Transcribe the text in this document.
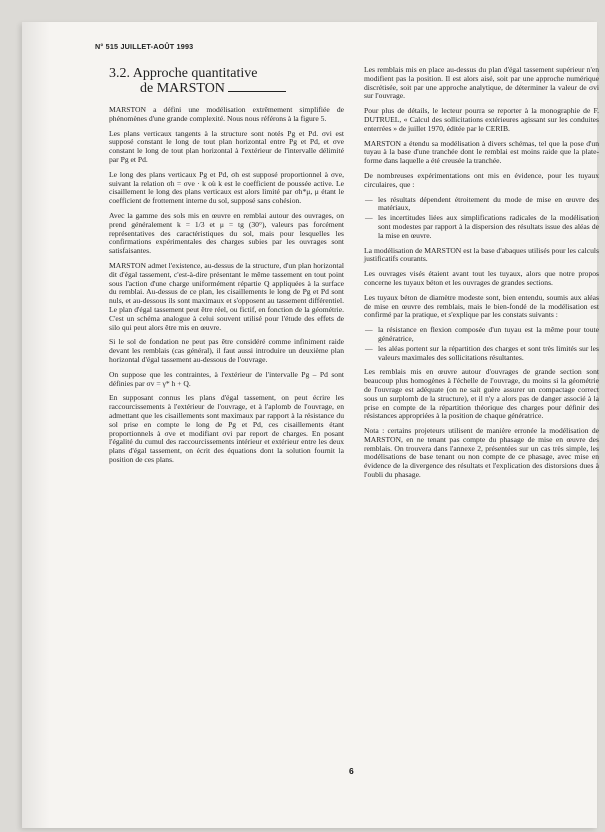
N° 515 JUILLET-AOÛT 1993
3.2. Approche quantitative
de MARSTON

MARSTON a défini une modélisation extrêmement simplifiée de phénomènes d'une grande complexité. Nous nous référons à la figure 5.

Les plans verticaux tangents à la structure sont notés Pg et Pd. σvi est supposé constant le long de tout plan horizontal entre Pg et Pd, et σve constant le long de tout plan horizontal à l'extérieur de l'intervalle délimité par Pg et Pd.

Le long des plans verticaux Pg et Pd, σh est supposé proportionnel à σve, suivant la relation σh = σve · k où k est le coefficient de poussée active. Le cisaillement le long des plans verticaux est alors limité par σh*μ, μ étant le coefficient de frottement interne du sol, supposé sans cohésion.

Avec la gamme des sols mis en œuvre en remblai autour des ouvrages, on prend généralement k = 1/3 et μ = tg (30°), valeurs pas forcément représentatives des caractéristiques du sol, mais pour lesquelles les confirmations expérimentales des charges subies par les ouvrages sont satisfaisantes.

MARSTON admet l'existence, au-dessus de la structure, d'un plan horizontal dit d'égal tassement, c'est-à-dire présentant le même tassement en tout point sous l'action d'une charge uniformément répartie Q appliquées à la surface du remblai. Au-dessus de ce plan, les cisaillements le long de Pg et Pd sont nuls, et au-dessous ils sont maximaux et s'opposent au tassement différentiel. Le plan d'égal tassement peut être réel, ou fictif, en fonction de la géométrie. C'est un schéma analogue à celui souvent utilisé pour l'étude des effets de silo qui peut alors être mis en œuvre.

Si le sol de fondation ne peut pas être considéré comme infiniment raide devant les remblais (cas général), il faut aussi introduire un deuxième plan horizontal d'égal tassement au-dessous de l'ouvrage.

On suppose que les contraintes, à l'extérieur de l'intervalle Pg – Pd sont définies par σv = γ* h + Q.

En supposant connus les plans d'égal tassement, on peut écrire les raccourcissements à l'extérieur de l'ouvrage, et à l'aplomb de l'ouvrage, en admettant que les cisaillements sont maximaux par rapport à la résistance du sol prise en compte le long de Pg et Pd, ces cisaillements étant proportionnels à σve et modifiant σvi par report de charges. En posant l'égalité du cumul des raccourcissements intérieur et extérieur entre les deux plans d'égal tassement, on écrit des équations dont la solution fournit la position de ces plans.

Les remblais mis en place au-dessus du plan d'égal tassement supérieur n'en modifient pas la position. Il est alors aisé, soit par une approche numérique discrétisée, soit par une approche analytique, de déterminer la valeur de σvi sur l'ouvrage.

Pour plus de détails, le lecteur pourra se reporter à la monographie de F. DUTRUEL, « Calcul des sollicitations extérieures agissant sur les conduites enterrées » de juillet 1970, éditée par le CERIB.

MARSTON a étendu sa modélisation à divers schémas, tel que la pose d'un tuyau à la base d'une tranchée dont le remblai est moins raide que la plate-forme dans laquelle a été creusée la tranchée.

De nombreuses expérimentations ont mis en évidence, pour les tuyaux circulaires, que :

— les résultats dépendent étroitement du mode de mise en œuvre des matériaux,
— les incertitudes liées aux simplifications radicales de la modélisation sont modestes par rapport à la dispersion des résultats issue des aléas de la mise en œuvre.

La modélisation de MARSTON est la base d'abaques utilisés pour les calculs justificatifs courants.

Les ouvrages visés étaient avant tout les tuyaux, alors que notre propos concerne les tuyaux béton et les ouvrages de grandes sections.

Les tuyaux béton de diamètre modeste sont, bien entendu, soumis aux aléas de mise en œuvre des remblais, mais le bien-fondé de la modélisation est confirmé par la pratique, et s'explique par les constats suivants :

— la résistance en flexion composée d'un tuyau est la même pour toute génératrice,
— les aléas portent sur la répartition des charges et sont très limités sur les valeurs maximales des sollicitations résultantes.

Les remblais mis en œuvre autour d'ouvrages de grande section sont beaucoup plus homogènes à l'échelle de l'ouvrage, du moins si la géométrie de l'ouvrage est adéquate (on ne sait guère assurer un compactage correct sous un surplomb de la structure), et il n'y a alors pas de danger associé à la prise en compte de la répartition théorique des charges pour définir des résistances appropriées à la position de chaque génératrice.

Nota : certains projeteurs utilisent de manière erronée la modélisation de MARSTON, en ne tenant pas compte du phasage de mise en œuvre des remblais. On trouvera dans l'annexe 2, présentées sur un cas très simple, les modélisations de base tenant ou non compte de ce phasage, avec mise en évidence de la divergence des résultats et l'explication des distorsions dues à l'oubli du phasage.

6
